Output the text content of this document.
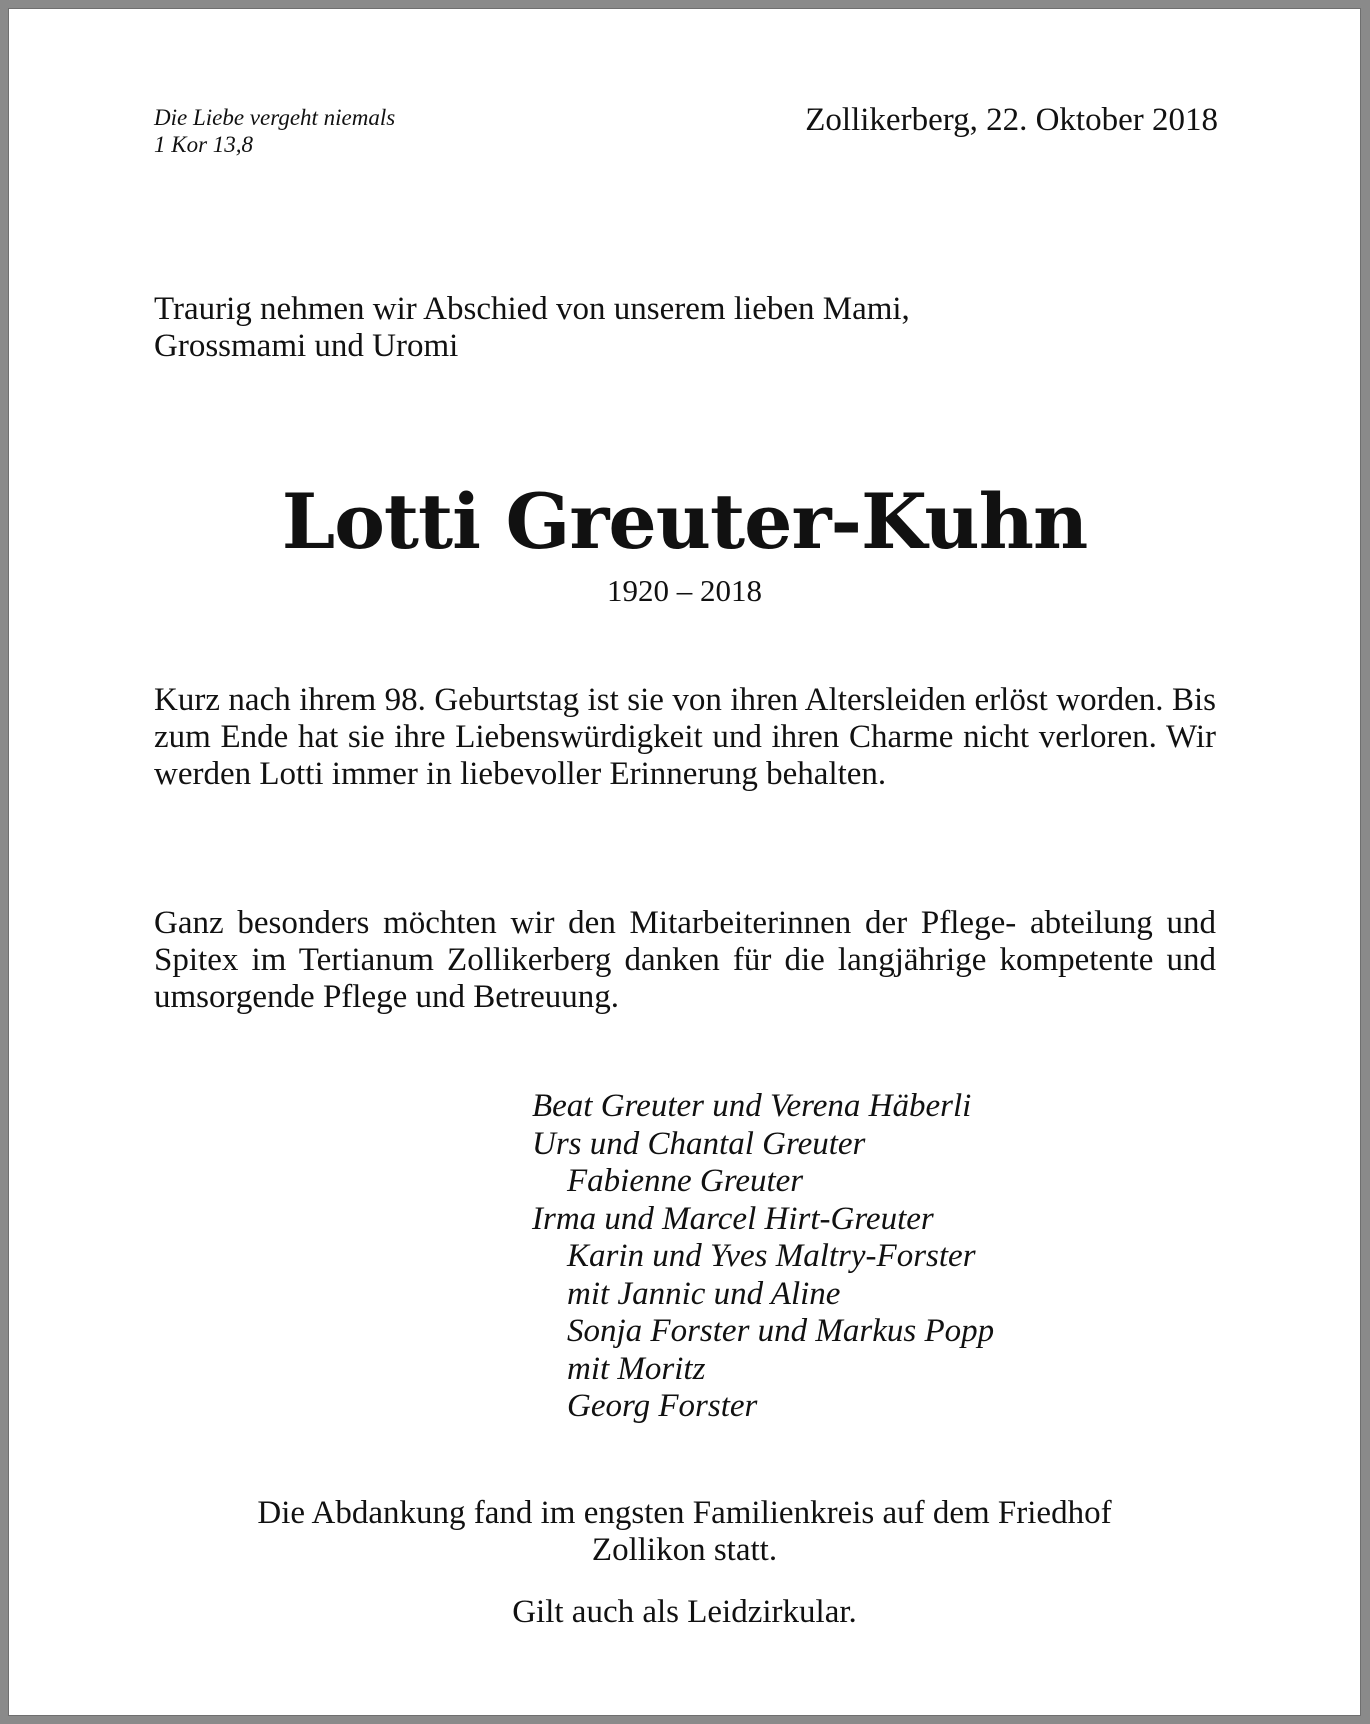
Die Liebe vergeht niemals
1 Kor 13,8
Zollikerberg, 22. Oktober 2018
Traurig nehmen wir Abschied von unserem lieben Mami,
Grossmami und Uromi
Lotti Greuter-Kuhn
1920 – 2018
Kurz nach ihrem 98. Geburtstag ist sie von ihren Altersleiden erlöst worden. Bis zum Ende hat sie ihre Liebenswürdigkeit und ihren Charme nicht verloren. Wir werden Lotti immer in liebevoller Erinnerung behalten.
Ganz besonders möchten wir den Mitarbeiterinnen der Pflege- abteilung und Spitex im Tertianum Zollikerberg danken für die langjährige kompetente und umsorgende Pflege und Betreuung.
Beat Greuter und Verena Häberli
Urs und Chantal Greuter
Fabienne Greuter
Irma und Marcel Hirt-Greuter
Karin und Yves Maltry-Forster
mit Jannic und Aline
Sonja Forster und Markus Popp
mit Moritz
Georg Forster
Die Abdankung fand im engsten Familienkreis auf dem Friedhof
Zollikon statt.
Gilt auch als Leidzirkular.
